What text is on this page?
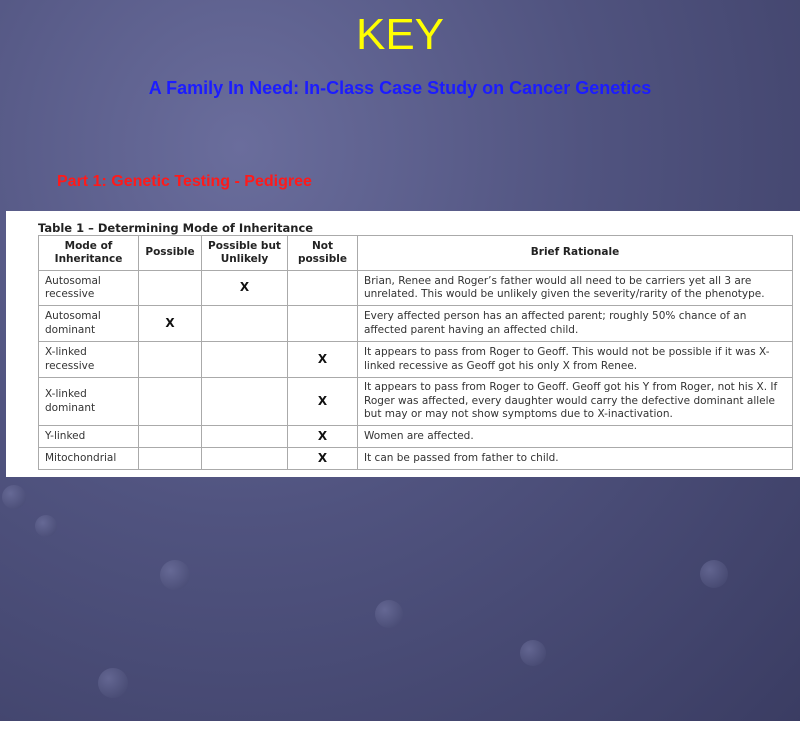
KEY
A Family In Need: In-Class Case Study on Cancer Genetics
Part 1: Genetic Testing - Pedigree
Table 1 – Determining Mode of Inheritance
Mode of Inheritance	Possible	Possible but Unlikely	Not possible	Brief Rationale
Autosomal recessive		X		Brian, Renee and Roger’s father would all need to be carriers yet all 3 are unrelated. This would be unlikely given the severity/rarity of the phenotype.
Autosomal dominant	X			Every affected person has an affected parent; roughly 50% chance of an affected parent having an affected child.
X-linked recessive			X	It appears to pass from Roger to Geoff. This would not be possible if it was X-linked recessive as Geoff got his only X from Renee.
X-linked dominant			X	It appears to pass from Roger to Geoff. Geoff got his Y from Roger, not his X. If Roger was affected, every daughter would carry the defective dominant allele but may or may not show symptoms due to X-inactivation.
Y-linked			X	Women are affected.
Mitochondrial			X	It can be passed from father to child.
